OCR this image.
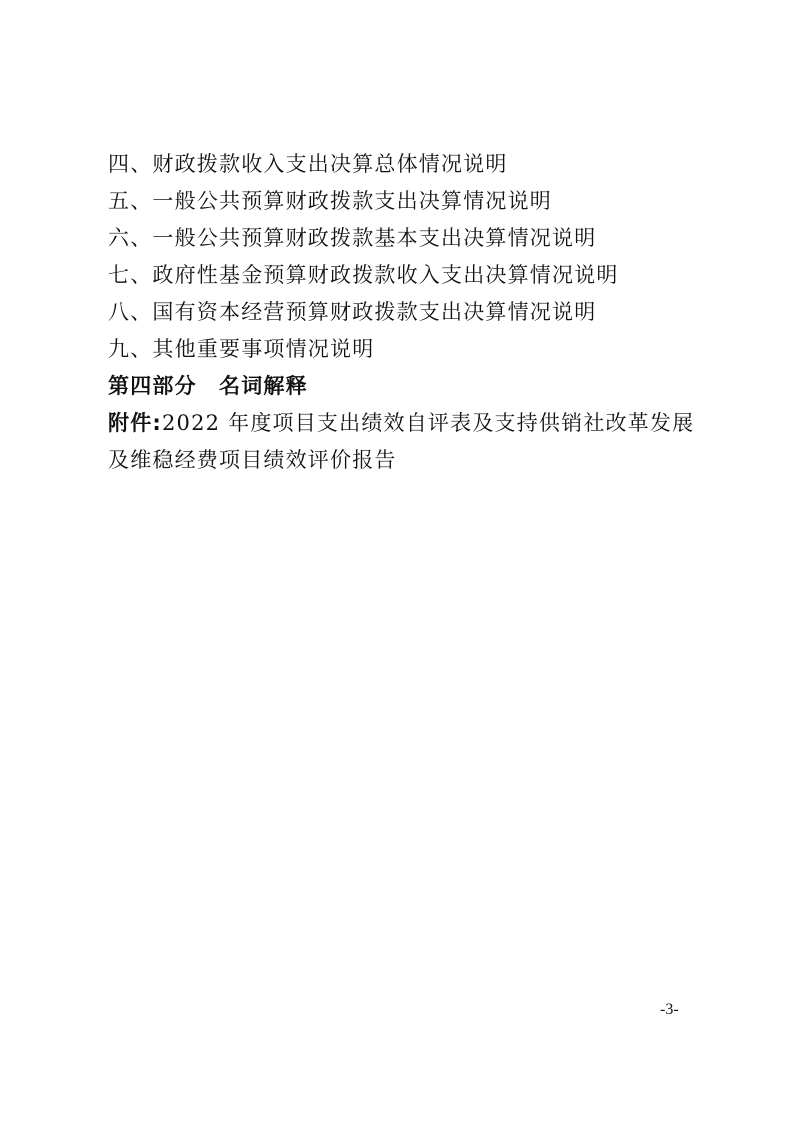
四、财政拨款收入支出决算总体情况说明
五、一般公共预算财政拨款支出决算情况说明
六、一般公共预算财政拨款基本支出决算情况说明
七、政府性基金预算财政拨款收入支出决算情况说明
八、国有资本经营预算财政拨款支出决算情况说明
九、其他重要事项情况说明
第四部分　名词解释
附件:2022 年度项目支出绩效自评表及支持供销社改革发展及维稳经费项目绩效评价报告
-3-
